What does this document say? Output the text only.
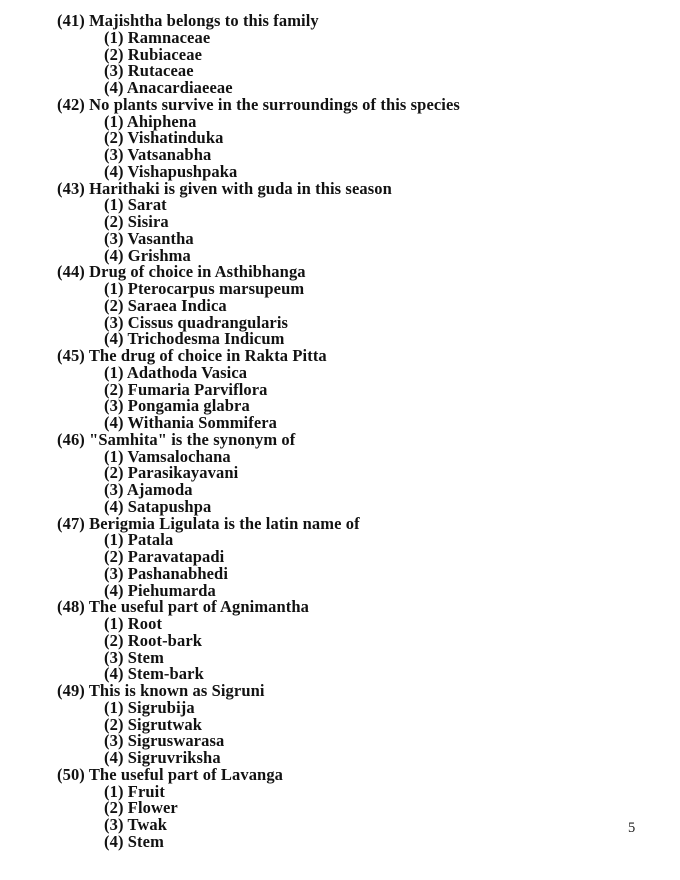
(41) Majishtha belongs to this family
(1) Ramnaceae
(2) Rubiaceae
(3) Rutaceae
(4) Anacardiaeeae
(42) No plants survive in the surroundings of this species
(1) Ahiphena
(2) Vishatinduka
(3) Vatsanabha
(4) Vishapushpaka
(43) Harithaki is given with guda in this season
(1) Sarat
(2) Sisira
(3) Vasantha
(4) Grishma
(44) Drug of choice in Asthibhanga
(1) Pterocarpus marsupeum
(2) Saraea Indica
(3) Cissus quadrangularis
(4) Trichodesma Indicum
(45) The drug of choice in Rakta Pitta
(1) Adathoda Vasica
(2) Fumaria Parviflora
(3) Pongamia glabra
(4) Withania Sommifera
(46) "Samhita" is the synonym of
(1) Vamsalochana
(2) Parasikayavani
(3) Ajamoda
(4) Satapushpa
(47) Berigmia Ligulata is the latin name of
(1) Patala
(2) Paravatapadi
(3) Pashanabhedi
(4) Piehumarda
(48) The useful part of Agnimantha
(1) Root
(2) Root-bark
(3) Stem
(4) Stem-bark
(49) This is known as Sigruni
(1) Sigrubija
(2) Sigrutwak
(3) Sigruswarasa
(4) Sigruvriksha
(50) The useful part of Lavanga
(1) Fruit
(2) Flower
(3) Twak
(4) Stem
5
